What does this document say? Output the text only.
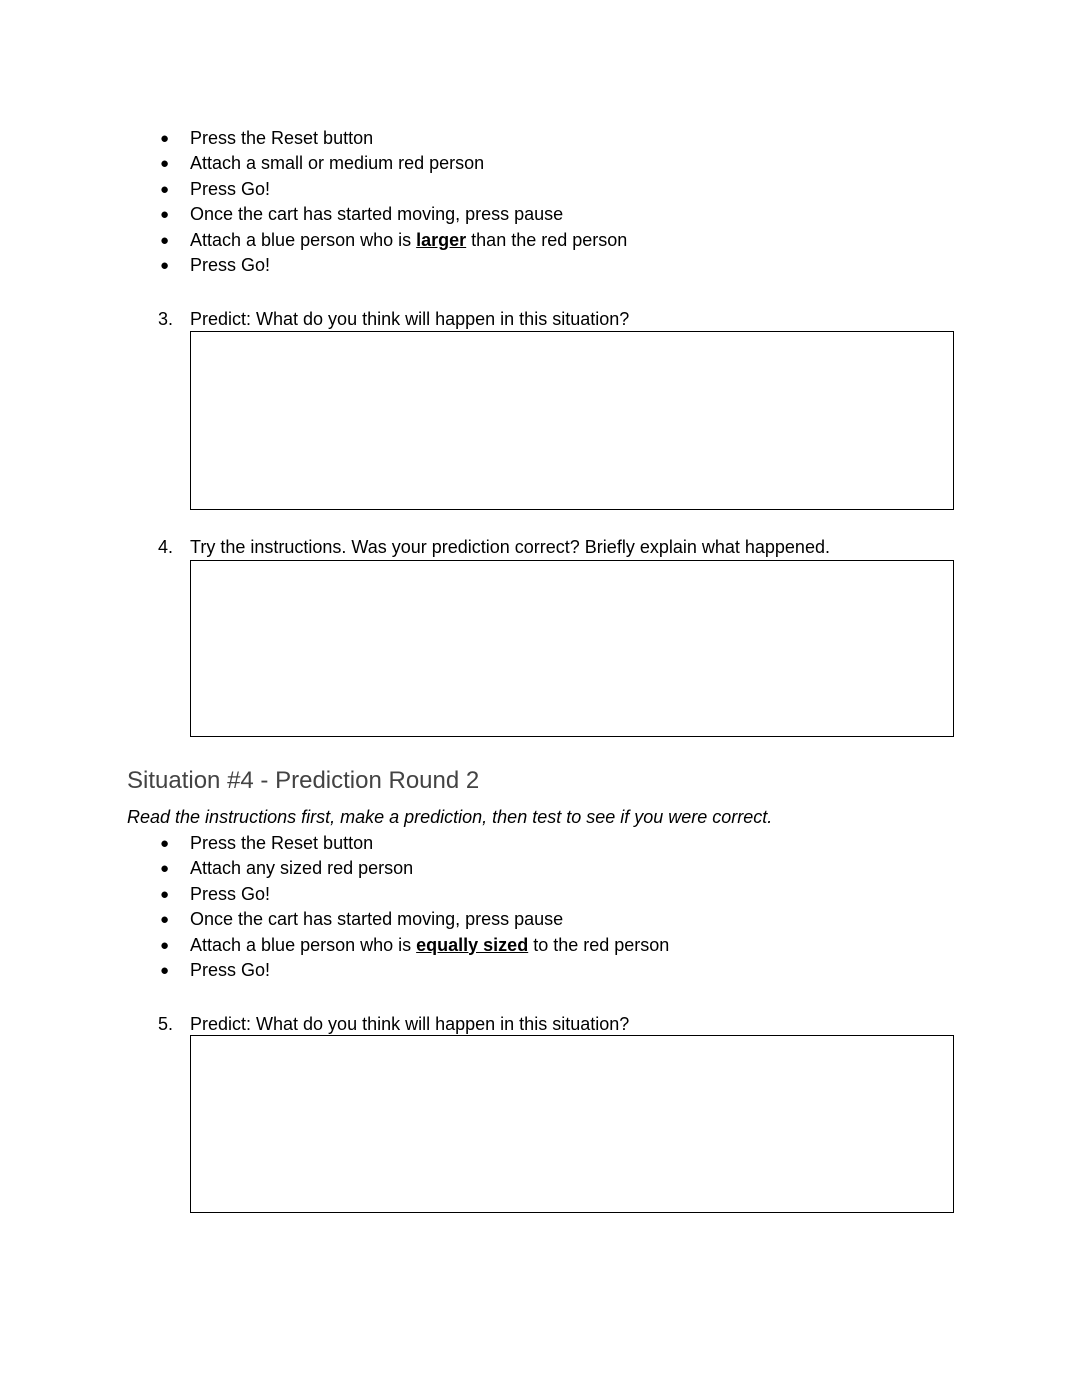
● Press the Reset button
● Attach a small or medium red person
● Press Go!
● Once the cart has started moving, press pause
● Attach a blue person who is larger than the red person
● Press Go!
3. Predict: What do you think will happen in this situation?
4. Try the instructions. Was your prediction correct? Briefly explain what happened.
Situation #4 - Prediction Round 2
Read the instructions first, make a prediction, then test to see if you were correct.
● Press the Reset button
● Attach any sized red person
● Press Go!
● Once the cart has started moving, press pause
● Attach a blue person who is equally sized to the red person
● Press Go!
5. Predict: What do you think will happen in this situation?
